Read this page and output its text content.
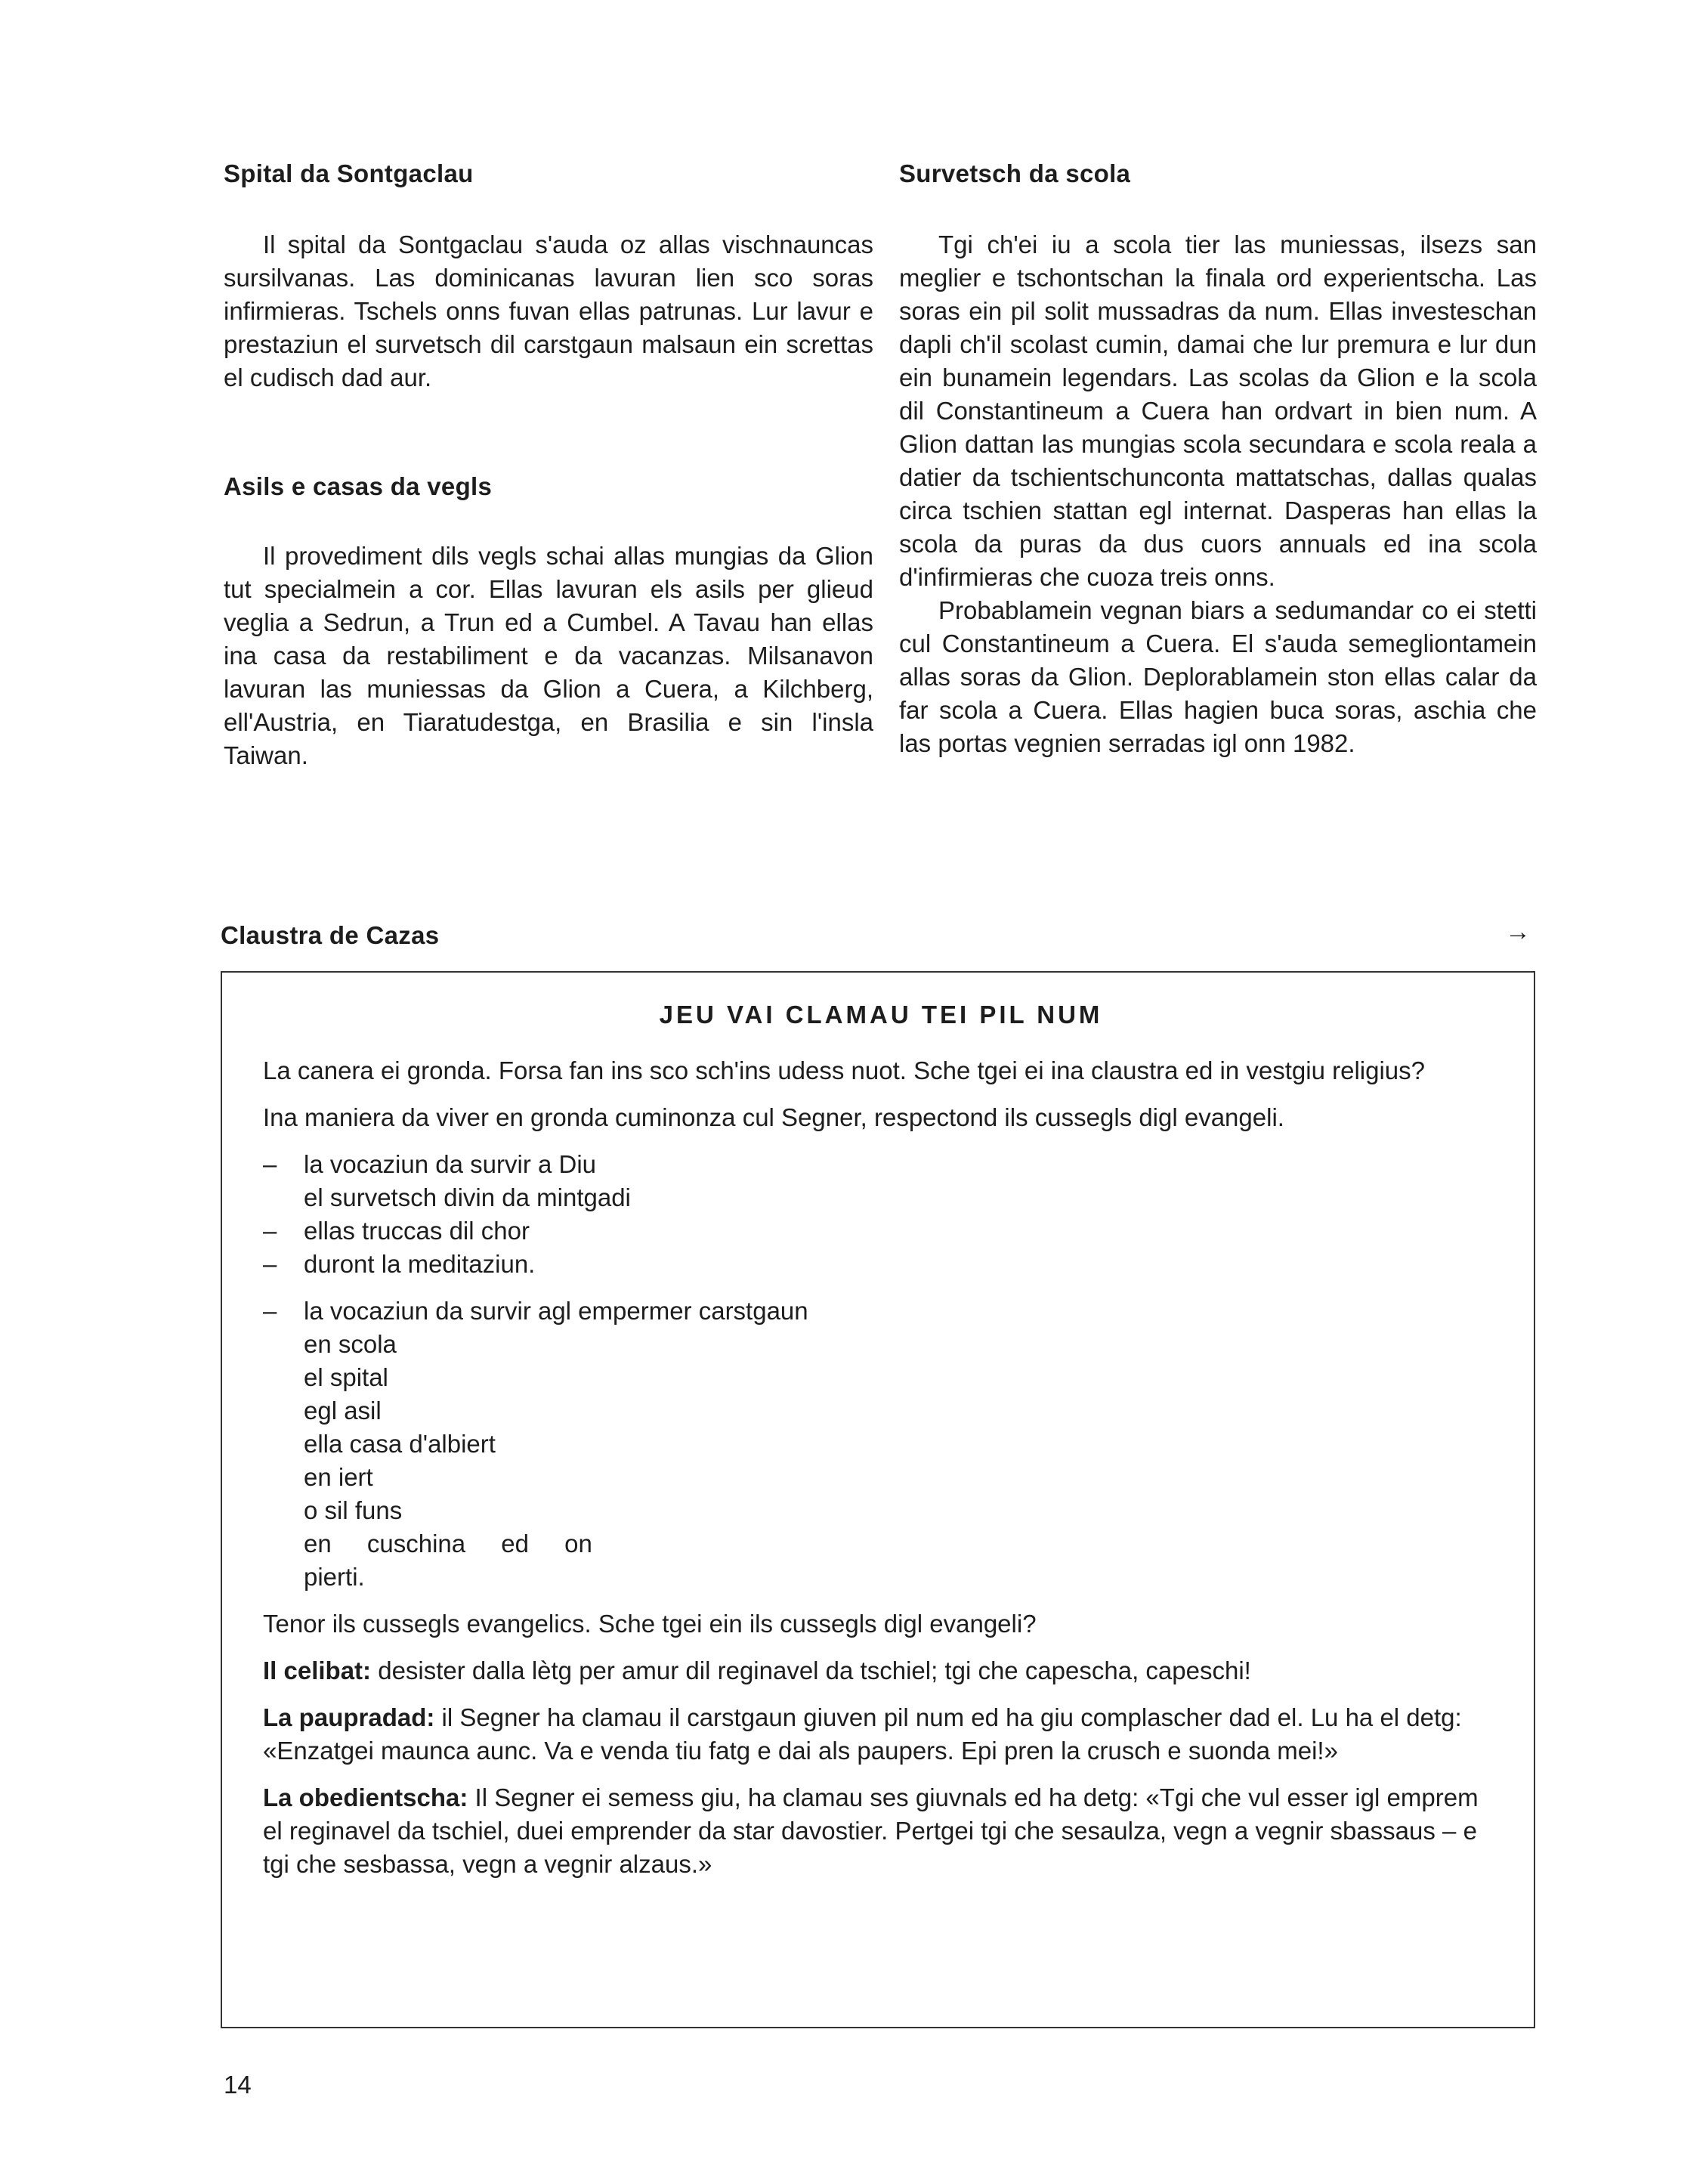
Spital da Sontgaclau

Il spital da Sontgaclau s'auda oz allas vischnauncas sursilvanas. Las dominicanas lavuran lien sco soras infirmieras. Tschels onns fuvan ellas patrunas. Lur lavur e prestaziun el survetsch dil carstgaun malsaun ein screttas el cudisch dad aur.

Asils e casas da vegls

Il provediment dils vegls schai allas mungias da Glion tut specialmein a cor. Ellas lavuran els asils per glieud veglia a Sedrun, a Trun ed a Cumbel. A Tavau han ellas ina casa da restabiliment e da vacanzas. Milsanavon lavuran las muniessas da Glion a Cuera, a Kilchberg, ell'Austria, en Tiaratudestga, en Brasilia e sin l'insla Taiwan.

Survetsch da scola

Tgi ch'ei iu a scola tier las muniessas, ilsezs san meglier e tschontschan la finala ord experientscha. Las soras ein pil solit mussadras da num. Ellas investeschan dapli ch'il scolast cumin, damai che lur premura e lur dun ein bunamein legendars. Las scolas da Glion e la scola dil Constantineum a Cuera han ordvart in bien num. A Glion dattan las mungias scola secundara e scola reala a datier da tschientschunconta mattatschas, dallas qualas circa tschien stattan egl internat. Dasperas han ellas la scola da puras da dus cuors annuals ed ina scola d'infirmieras che cuoza treis onns.

Probablamein vegnan biars a sedumandar co ei stetti cul Constantineum a Cuera. El s'auda semegliontamein allas soras da Glion. Deplorablamein ston ellas calar da far scola a Cuera. Ellas hagien buca soras, aschia che las portas vegnien serradas igl onn 1982.

Claustra de Cazas	→

JEU VAI CLAMAU TEI PIL NUM

La canera ei gronda. Forsa fan ins sco sch'ins udess nuot. Sche tgei ei ina claustra ed in vestgiu religius?

Ina maniera da viver en gronda cuminonza cul Segner, respectond ils cussegls digl evangeli.

– la vocaziun da survir a Diu
el survetsch divin da mintgadi
– ellas truccas dil chor
– duront la meditaziun.
– la vocaziun da survir agl empermer carstgaun
en scola
el spital
egl asil
ella casa d'albiert
en iert
o sil funs
en cuschina ed on
pierti.

Tenor ils cussegls evangelics. Sche tgei ein ils cussegls digl evangeli?

Il celibat: desister dalla lètg per amur dil reginavel da tschiel; tgi che capescha, capeschi!

La paupradad: il Segner ha clamau il carstgaun giuven pil num ed ha giu complascher dad el. Lu ha el detg: «Enzatgei maunca aunc. Va e venda tiu fatg e dai als paupers. Epi pren la crusch e suonda mei!»

La obedientscha: Il Segner ei semess giu, ha clamau ses giuvnals ed ha detg: «Tgi che vul esser igl emprem el reginavel da tschiel, duei emprender da star davostier. Pertgei tgi che sesaulza, vegn a vegnir sbassaus – e tgi che sesbassa, vegn a vegnir alzaus.»

14
